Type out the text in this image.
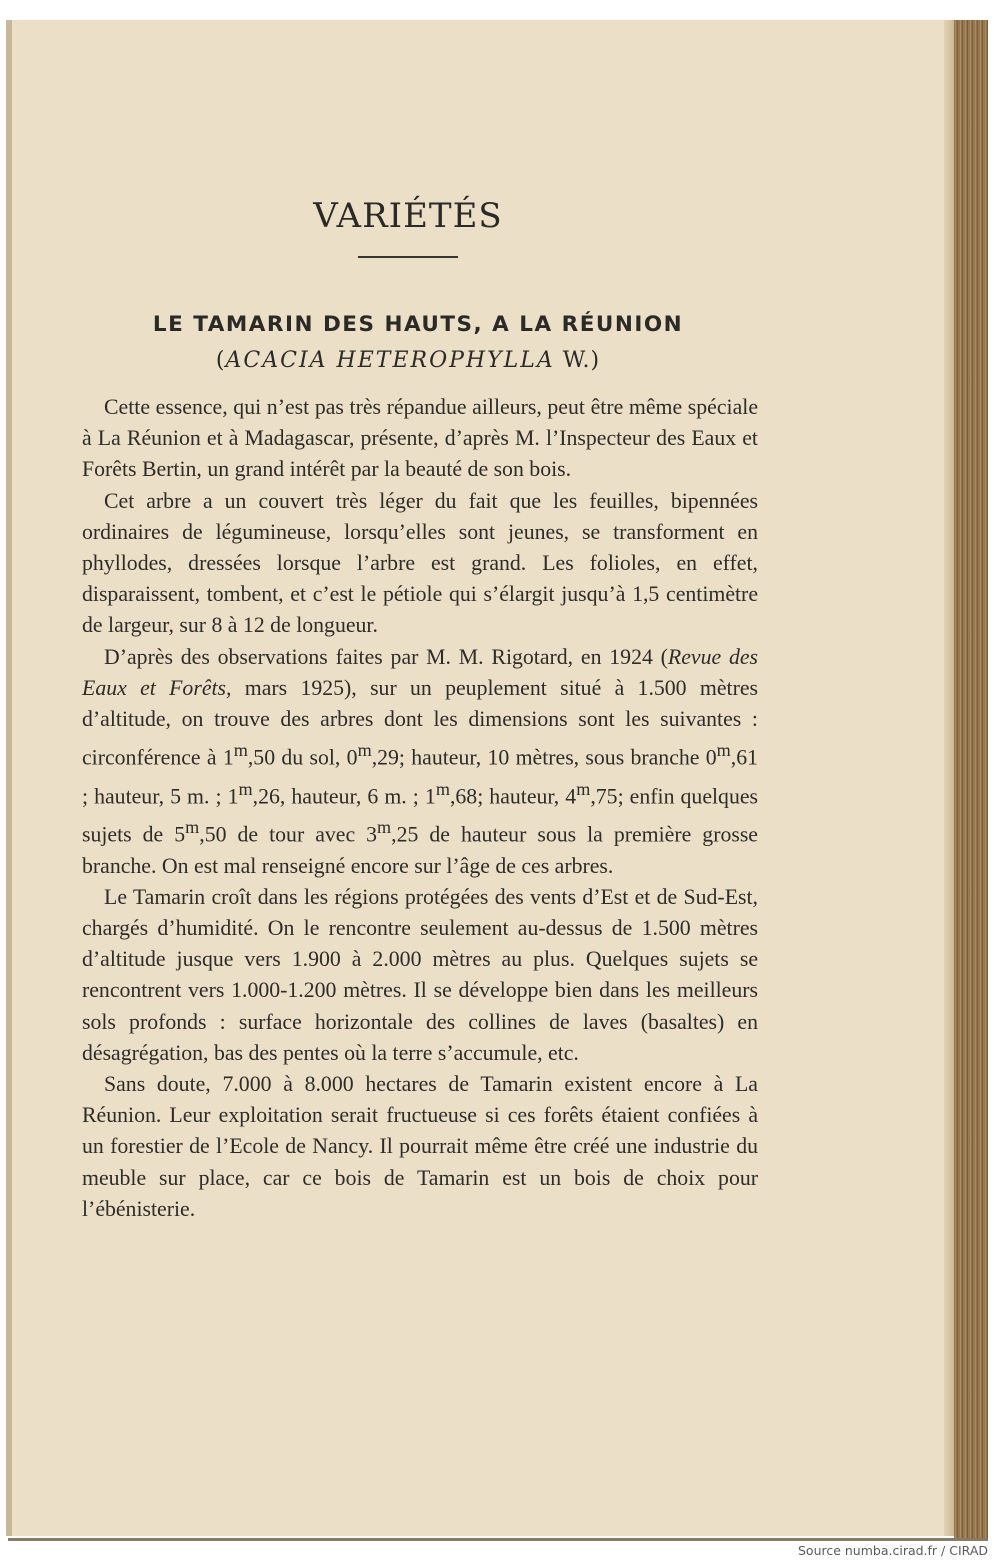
VARIÉTÉS
LE TAMARIN DES HAUTS, A LA RÉUNION
(ACACIA HETEROPHYLLA W.)

Cette essence, qui n’est pas très répandue ailleurs, peut être même spéciale à La Réunion et à Madagascar, présente, d’après M. l’Inspecteur des Eaux et Forêts Bertin, un grand intérêt par la beauté de son bois.

Cet arbre a un couvert très léger du fait que les feuilles, bipennées ordinaires de légumineuse, lorsqu’elles sont jeunes, se transforment en phyllodes, dressées lorsque l’arbre est grand. Les folioles, en effet, disparaissent, tombent, et c’est le pétiole qui s’élargit jusqu’à 1,5 centimètre de largeur, sur 8 à 12 de longueur.

D’après des observations faites par M. M. Rigotard, en 1924 (Revue des Eaux et Forêts, mars 1925), sur un peuplement situé à 1.500 mètres d’altitude, on trouve des arbres dont les dimensions sont les suivantes : circonférence à 1$^m$,50 du sol, 0$^m$,29; hauteur, 10 mètres, sous branche 0$^m$,61 ; hauteur, 5 m. ; 1$^m$,26, hauteur, 6 m. ; 1$^m$,68; hauteur, 4$^m$,75; enfin quelques sujets de 5$^m$,50 de tour avec 3$^m$,25 de hauteur sous la première grosse branche. On est mal renseigné encore sur l’âge de ces arbres.

Le Tamarin croît dans les régions protégées des vents d’Est et de Sud-Est, chargés d’humidité. On le rencontre seulement au-dessus de 1.500 mètres d’altitude jusque vers 1.900 à 2.000 mètres au plus. Quelques sujets se rencontrent vers 1.000-1.200 mètres. Il se développe bien dans les meilleurs sols profonds : surface horizontale des collines de laves (basaltes) en désagrégation, bas des pentes où la terre s’accumule, etc.

Sans doute, 7.000 à 8.000 hectares de Tamarin existent encore à La Réunion. Leur exploitation serait fructueuse si ces forêts étaient confiées à un forestier de l’Ecole de Nancy. Il pourrait même être créé une industrie du meuble sur place, car ce bois de Tamarin est un bois de choix pour l’ébénisterie.

Source numba.cirad.fr / CIRAD
